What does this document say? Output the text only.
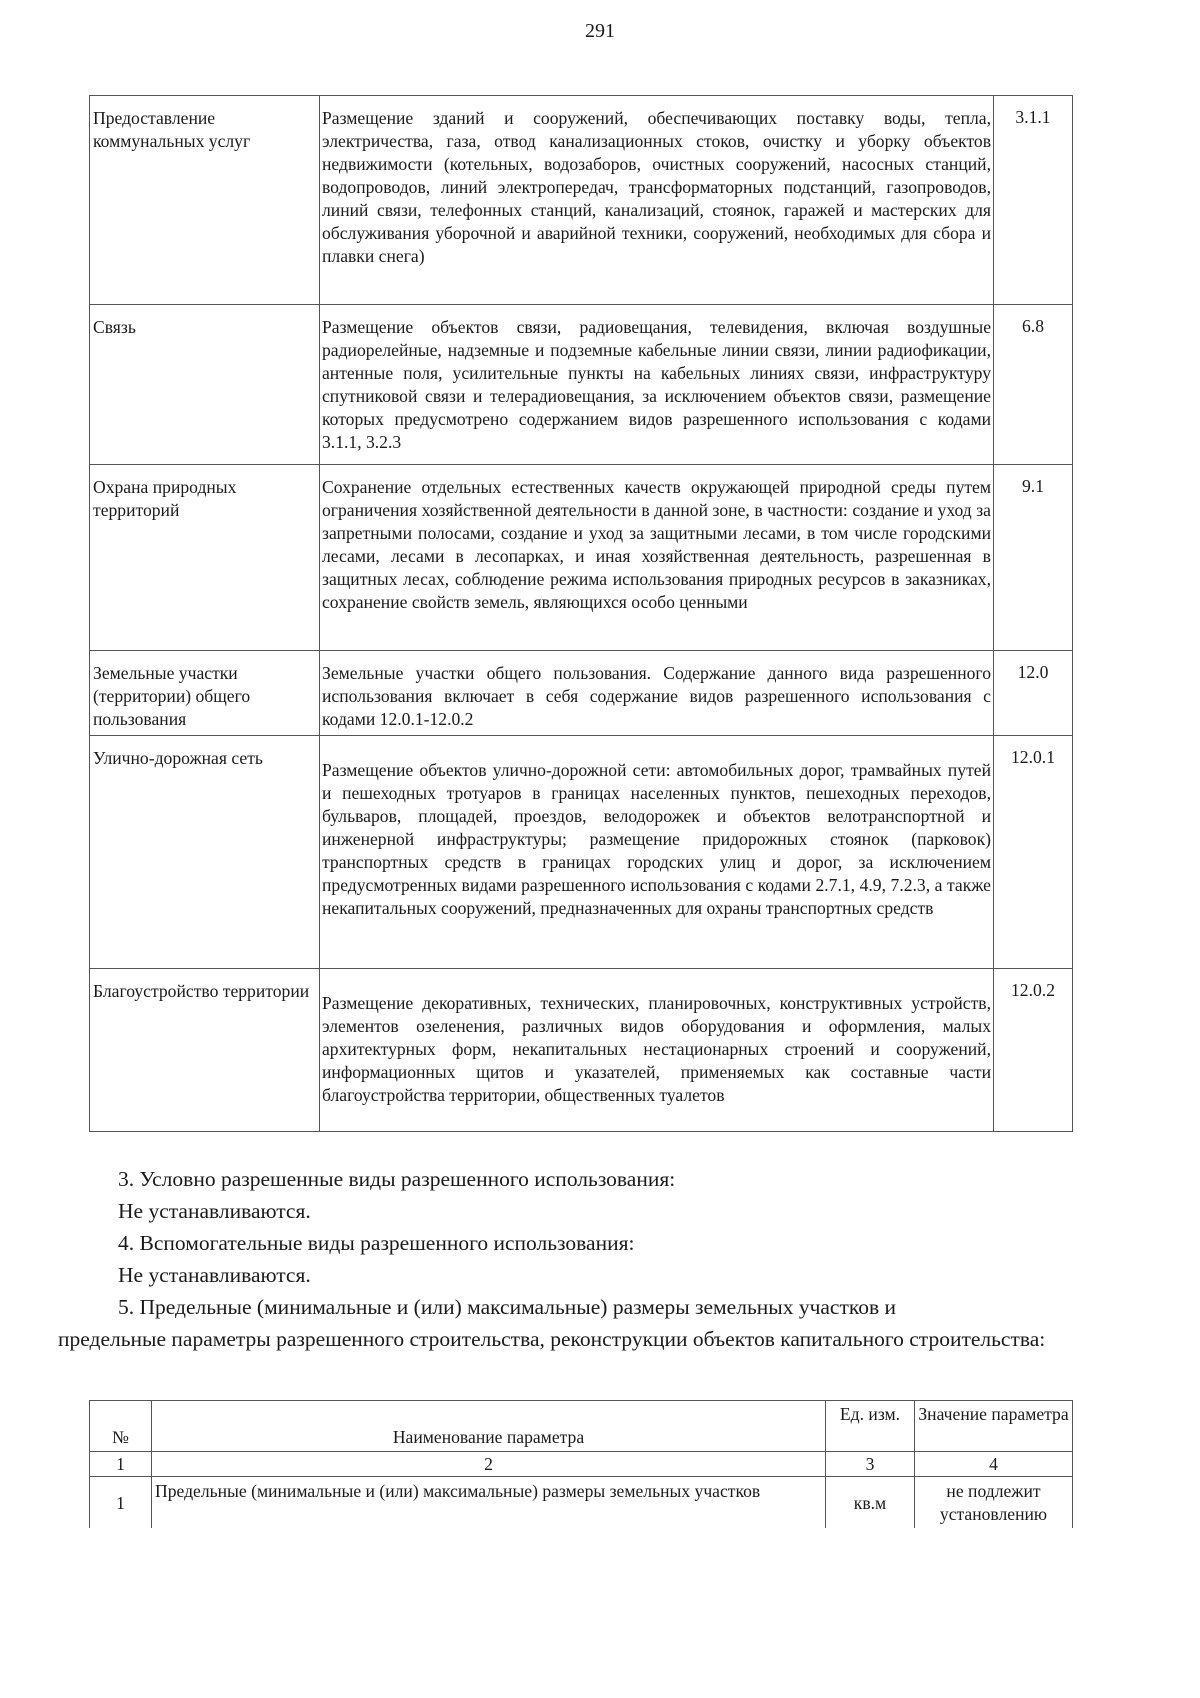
291
Предоставление коммунальных услуг	Размещение зданий и сооружений, обеспечивающих поставку воды, тепла, электричества, газа, отвод канализационных стоков, очистку и уборку объектов недвижимости (котельных, водозаборов, очистных сооружений, насосных станций, водопроводов, линий электропередач, трансформаторных подстанций, газопроводов, линий связи, телефонных станций, канализаций, стоянок, гаражей и мастерских для обслуживания уборочной и аварийной техники, сооружений, необходимых для сбора и плавки снега)	3.1.1
Связь	Размещение объектов связи, радиовещания, телевидения, включая воздушные радиорелейные, надземные и подземные кабельные линии связи, линии радиофикации, антенные поля, усилительные пункты на кабельных линиях связи, инфраструктуру спутниковой связи и телерадиовещания, за исключением объектов связи, размещение которых предусмотрено содержанием видов разрешенного использования с кодами 3.1.1, 3.2.3	6.8
Охрана природных территорий	Сохранение отдельных естественных качеств окружающей природной среды путем ограничения хозяйственной деятельности в данной зоне, в частности: создание и уход за запретными полосами, создание и уход за защитными лесами, в том числе городскими лесами, лесами в лесопарках, и иная хозяйственная деятельность, разрешенная в защитных лесах, соблюдение режима использования природных ресурсов в заказниках, сохранение свойств земель, являющихся особо ценными	9.1
Земельные участки (территории) общего пользования	Земельные участки общего пользования. Содержание данного вида разрешенного использования включает в себя содержание видов разрешенного использования с кодами 12.0.1-12.0.2	12.0
Улично-дорожная сеть	Размещение объектов улично-дорожной сети: автомобильных дорог, трамвайных путей и пешеходных тротуаров в границах населенных пунктов, пешеходных переходов, бульваров, площадей, проездов, велодорожек и объектов велотранспортной и инженерной инфраструктуры; размещение придорожных стоянок (парковок) транспортных средств в границах городских улиц и дорог, за исключением предусмотренных видами разрешенного использования с кодами 2.7.1, 4.9, 7.2.3, а также некапитальных сооружений, предназначенных для охраны транспортных средств	12.0.1
Благоустройство территории	Размещение декоративных, технических, планировочных, конструктивных устройств, элементов озеленения, различных видов оборудования и оформления, малых архитектурных форм, некапитальных нестационарных строений и сооружений, информационных щитов и указателей, применяемых как составные части благоустройства территории, общественных туалетов	12.0.2

3. Условно разрешенные виды разрешенного использования:

Не устанавливаются.

4. Вспомогательные виды разрешенного использования:

Не устанавливаются.

5. Предельные (минимальные и (или) максимальные) размеры земельных участков и

предельные параметры разрешенного строительства, реконструкции объектов капитального строительства:

№	Наименование параметра	Ед. изм.	Значение параметра
1	2	3	4
1	Предельные (минимальные и (или) максимальные) размеры земельных участков	кв.м	не подлежит установлению
